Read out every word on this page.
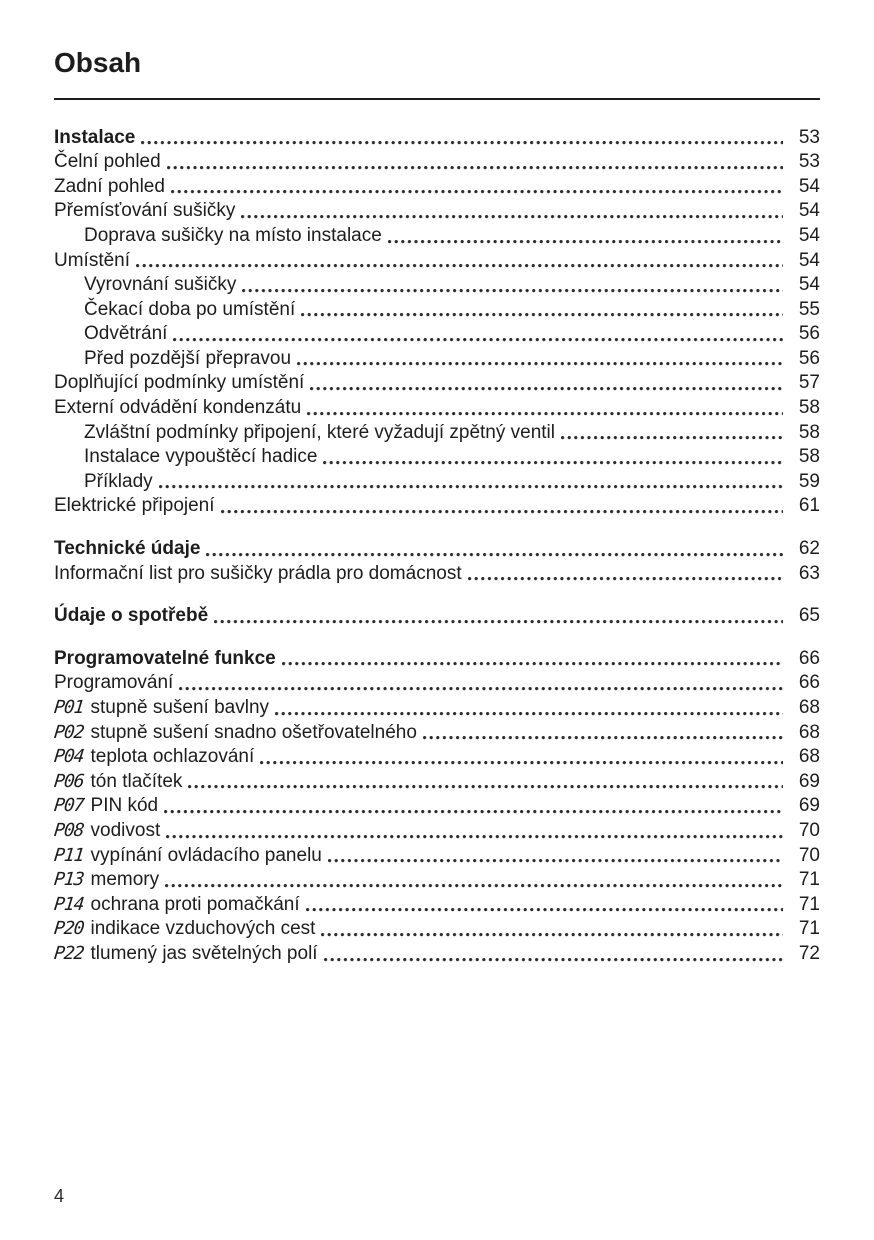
Obsah
Instalace	53
Čelní pohled	53
Zadní pohled	54
Přemísťování sušičky	54
Doprava sušičky na místo instalace	54
Umístění	54
Vyrovnání sušičky	54
Čekací doba po umístění	55
Odvětrání	56
Před pozdější přepravou	56
Doplňující podmínky umístění	57
Externí odvádění kondenzátu	58
Zvláštní podmínky připojení, které vyžadují zpětný ventil	58
Instalace vypouštěcí hadice	58
Příklady	59
Elektrické připojení	61
Technické údaje	62
Informační list pro sušičky prádla pro domácnost	63
Údaje o spotřebě	65
Programovatelné funkce	66
Programování	66
P01 stupně sušení bavlny	68
P02 stupně sušení snadno ošetřovatelného	68
P04 teplota ochlazování	68
P06 tón tlačítek	69
P07 PIN kód	69
P08 vodivost	70
P11 vypínání ovládacího panelu	70
P13 memory	71
P14 ochrana proti pomačkání	71
P20 indikace vzduchových cest	71
P22 tlumený jas světelných polí	72
4
